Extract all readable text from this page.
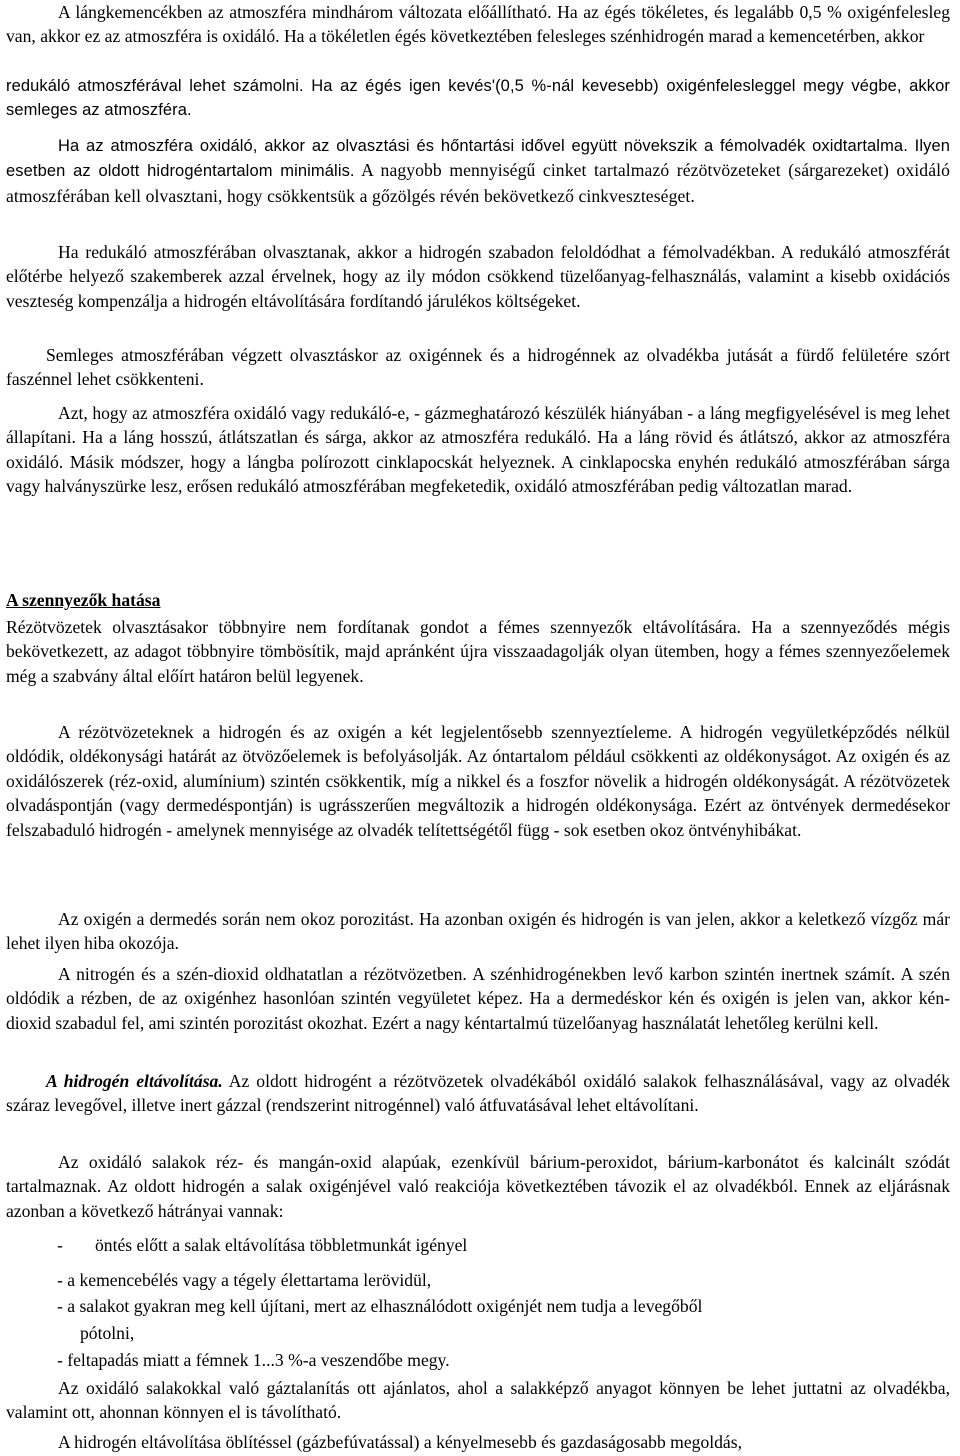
A lángkemencékben az atmoszféra mindhárom változata előállítható. Ha az égés tökéletes, és legalább 0,5 % oxigénfelesleg van, akkor ez az atmoszféra is oxidáló. Ha a tökéletlen égés következtében felesleges szénhidrogén marad a kemencetérben, akkor
redukáló atmoszférával lehet számolni. Ha az égés igen kevés'(0,5 %-nál kevesebb) oxigénfelesleggel megy végbe, akkor semleges az atmoszféra.
Ha az atmoszféra oxidáló, akkor az olvasztási és hőntartási idővel együtt növekszik a fémolvadék oxidtartalma. Ilyen esetben az oldott hidrogéntartalom minimális. A nagyobb mennyiségű cinket tartalmazó rézötvözeteket (sárgarezeket) oxidáló atmoszférában kell olvasztani, hogy csökkentsük a gőzölgés révén bekövetkező cinkveszteséget.
Ha redukáló atmoszférában olvasztanak, akkor a hidrogén szabadon feloldódhat a fémolvadékban. A redukáló atmoszférát előtérbe helyező szakemberek azzal érvelnek, hogy az ily módon csökkend tüzelőanyag-felhasználás, valamint a kisebb oxidációs veszteség kompenzálja a hidrogén eltávolítására fordítandó járulékos költségeket.
Semleges atmoszférában végzett olvasztáskor az oxigénnek és a hidrogénnek az olvadékba jutását a fürdő felületére szórt faszénnel lehet csökkenteni.
Azt, hogy az atmoszféra oxidáló vagy redukáló-e, - gázmeghatározó készülék hiányában - a láng megfigyelésével is meg lehet állapítani. Ha a láng hosszú, átlátszatlan és sárga, akkor az atmoszféra redukáló. Ha a láng rövid és átlátszó, akkor az atmoszféra oxidáló. Másik módszer, hogy a lángba polírozott cinklapocskát helyeznek. A cinklapocska enyhén redukáló atmoszférában sárga vagy halványszürke lesz, erősen redukáló atmoszférában megfeketedik, oxidáló atmoszférában pedig változatlan marad.
A szennyezők hatása
Rézötvözetek olvasztásakor többnyire nem fordítanak gondot a fémes szennyezők eltávolítására. Ha a szennyeződés mégis bekövetkezett, az adagot többnyire tömbösítik, majd apránként újra visszaadagolják olyan ütemben, hogy a fémes szennyezőelemek még a szabvány által előírt határon belül legyenek.
A rézötvözeteknek a hidrogén és az oxigén a két legjelentősebb szennyeztíeleme. A hidrogén vegyületképződés nélkül oldódik, oldékonysági határát az ötvözőelemek is befolyásolják. Az óntartalom például csökkenti az oldékonyságot. Az oxigén és az oxidálószerek (réz-oxid, alumínium) szintén csökkentik, míg a nikkel és a foszfor növelik a hidrogén oldékonyságát. A rézötvözetek olvadáspontján (vagy dermedéspontján) is ugrásszerűen megváltozik a hidrogén oldékonysága. Ezért az öntvények dermedésekor felszabaduló hidrogén - amelynek mennyisége az olvadék telítettségétől függ - sok esetben okoz öntvényhibákat.
Az oxigén a dermedés során nem okoz porozitást. Ha azonban oxigén és hidrogén is van jelen, akkor a keletkező vízgőz már lehet ilyen hiba okozója.
A nitrogén és a szén-dioxid oldhatatlan a rézötvözetben. A szénhidrogénekben levő karbon szintén inertnek számít. A szén oldódik a rézben, de az oxigénhez hasonlóan szintén vegyületet képez. Ha a dermedéskor kén és oxigén is jelen van, akkor kén-dioxid szabadul fel, ami szintén porozitást okozhat. Ezért a nagy kéntartalmú tüzelőanyag használatát lehetőleg kerülni kell.
A hidrogén eltávolítása. Az oldott hidrogént a rézötvözetek olvadékából oxidáló salakok felhasználásával, vagy az olvadék száraz levegővel, illetve inert gázzal (rendszerint nitrogénnel) való átfuvatásával lehet eltávolítani.
Az oxidáló salakok réz- és mangán-oxid alapúak, ezenkívül bárium-peroxidot, bárium-karbonátot és kalcinált szódát tartalmaznak. Az oldott hidrogén a salak oxigénjével való reakciója következtében távozik el az olvadékból. Ennek az eljárásnak azonban a következő hátrányai vannak:
- öntés előtt a salak eltávolítása többletmunkát igényel
- a kemencebélés vagy a tégely élettartama lerövidül,
- a salakot gyakran meg kell újítani, mert az elhasználódott oxigénjét nem tudja a levegőből
pótolni,
- feltapadás miatt a fémnek 1...3 %-a veszendőbe megy.
Az oxidáló salakokkal való gáztalanítás ott ajánlatos, ahol a salakképző anyagot könnyen be lehet juttatni az olvadékba, valamint ott, ahonnan könnyen el is távolítható.
A hidrogén eltávolítása öblítéssel (gázbefúvatással) a kényelmesebb és gazdaságosabb megoldás,
